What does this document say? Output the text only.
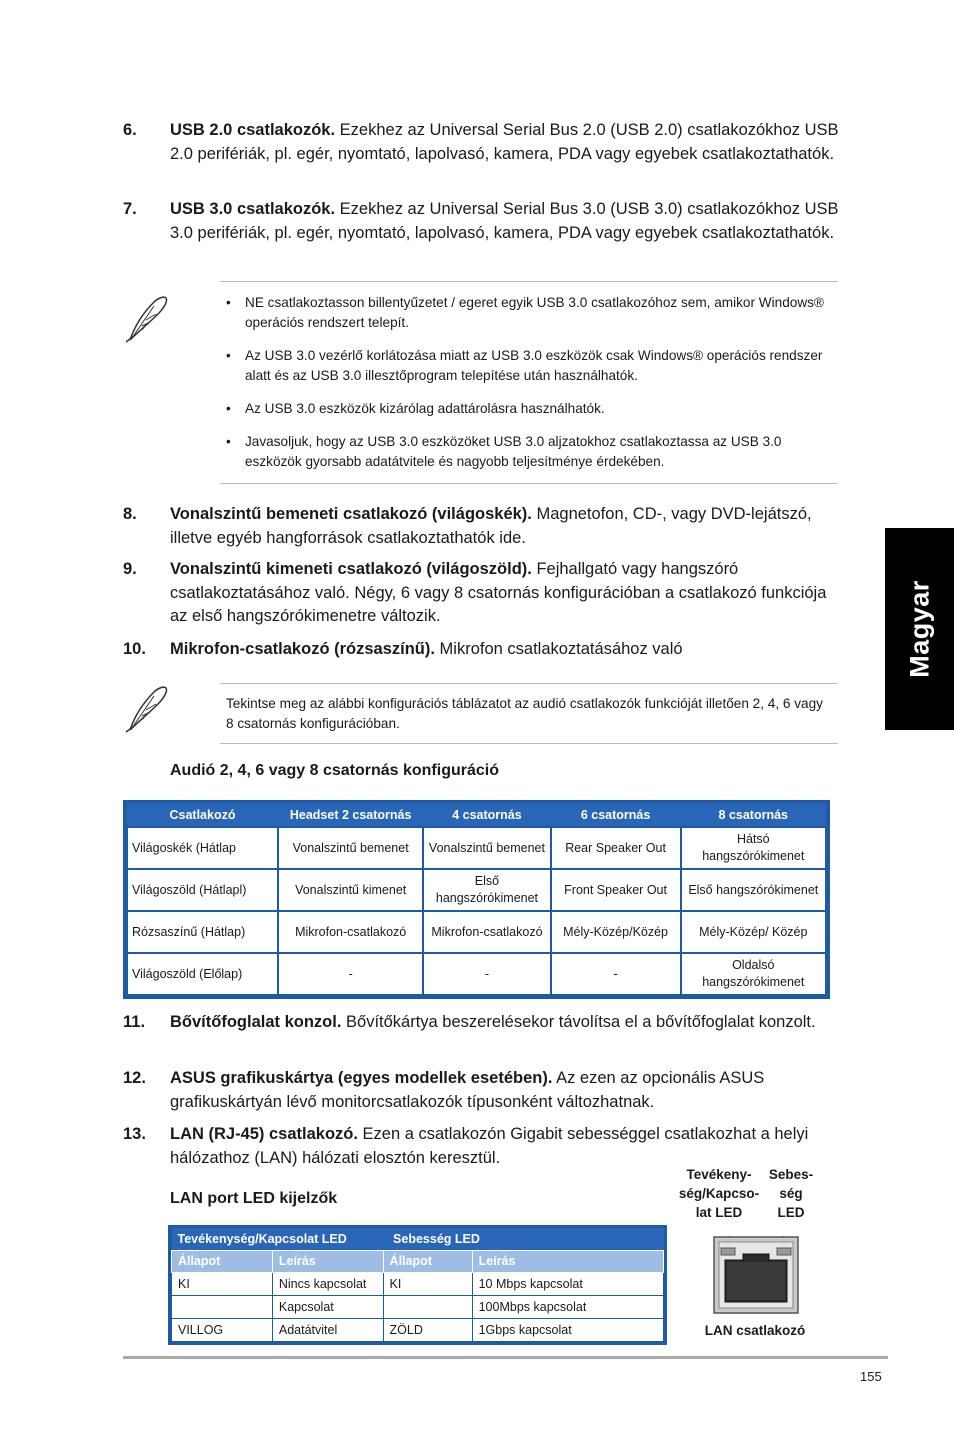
Magyar
6. USB 2.0 csatlakozók. Ezekhez az Universal Serial Bus 2.0 (USB 2.0) csatlakozókhoz USB 2.0 perifériák, pl. egér, nyomtató, lapolvasó, kamera, PDA vagy egyebek csatlakoztathatók.
7. USB 3.0 csatlakozók. Ezekhez az Universal Serial Bus 3.0 (USB 3.0) csatlakozókhoz USB 3.0 perifériák, pl. egér, nyomtató, lapolvasó, kamera, PDA vagy egyebek csatlakoztathatók.
• NE csatlakoztasson billentyűzetet / egeret egyik USB 3.0 csatlakozóhoz sem, amikor Windows® operációs rendszert telepít.
• Az USB 3.0 vezérlő korlátozása miatt az USB 3.0 eszközök csak Windows® operációs rendszer alatt és az USB 3.0 illesztőprogram telepítése után használhatók.
• Az USB 3.0 eszközök kizárólag adattárolásra használhatók.
• Javasoljuk, hogy az USB 3.0 eszközöket USB 3.0 aljzatokhoz csatlakoztassa az USB 3.0 eszközök gyorsabb adatátvitele és nagyobb teljesítménye érdekében.
8. Vonalszintű bemeneti csatlakozó (világoskék). Magnetofon, CD-, vagy DVD-lejátszó, illetve egyéb hangforrások csatlakoztathatók ide.
9. Vonalszintű kimeneti csatlakozó (világoszöld). Fejhallgató vagy hangszóró csatlakoztatásához való. Négy, 6 vagy 8 csatornás konfigurációban a csatlakozó funkciója az első hangszórókimenetre változik.
10. Mikrofon-csatlakozó (rózsaszínű). Mikrofon csatlakoztatásához való

Tekintse meg az alábbi konfigurációs táblázatot az audió csatlakozók funkcióját illetően 2, 4, 6 vagy 8 csatornás konfigurációban.

Audió 2, 4, 6 vagy 8 csatornás konfiguráció
Csatlakozó	Headset 2 csatornás	4 csatornás	6 csatornás	8 csatornás
Világoskék (Hátlap	Vonalszintű bemenet	Vonalszintű bemenet	Rear Speaker Out	Hátsó hangszórókimenet
Világoszöld (Hátlapl)	Vonalszintű kimenet	Első hangszórókimenet	Front Speaker Out	Első hangszórókimenet
Rózsaszínű (Hátlap)	Mikrofon-csatlakozó	Mikrofon-csatlakozó	Mély-Közép/Közép	Mély-Közép/ Közép
Világoszöld (Előlap)	-	-	-	Oldalsó hangszórókimenet
11. Bővítőfoglalat konzol. Bővítőkártya beszerelésekor távolítsa el a bővítőfoglalat konzolt.
12. ASUS grafikuskártya (egyes modellek esetében). Az ezen az opcionális ASUS grafikuskártyán lévő monitorcsatlakozók típusonként változhatnak.
13. LAN (RJ-45) csatlakozó. Ezen a csatlakozón Gigabit sebességgel csatlakozhat a helyi hálózathoz (LAN) hálózati elosztón keresztül.
LAN port LED kijelzők
Tevékenység/Kapcsolat LED		Sebesség LED	
Állapot	Leírás	Állapot	Leírás
KI	Nincs kapcsolat	KI	10 Mbps kapcsolat
	Kapcsolat		100Mbps kapcsolat
VILLOG	Adatátvitel	ZÖLD	1Gbps kapcsolat
Tevékeny-ség/Kapcso-lat LED
Sebes-ség LED
LAN csatlakozó
155
